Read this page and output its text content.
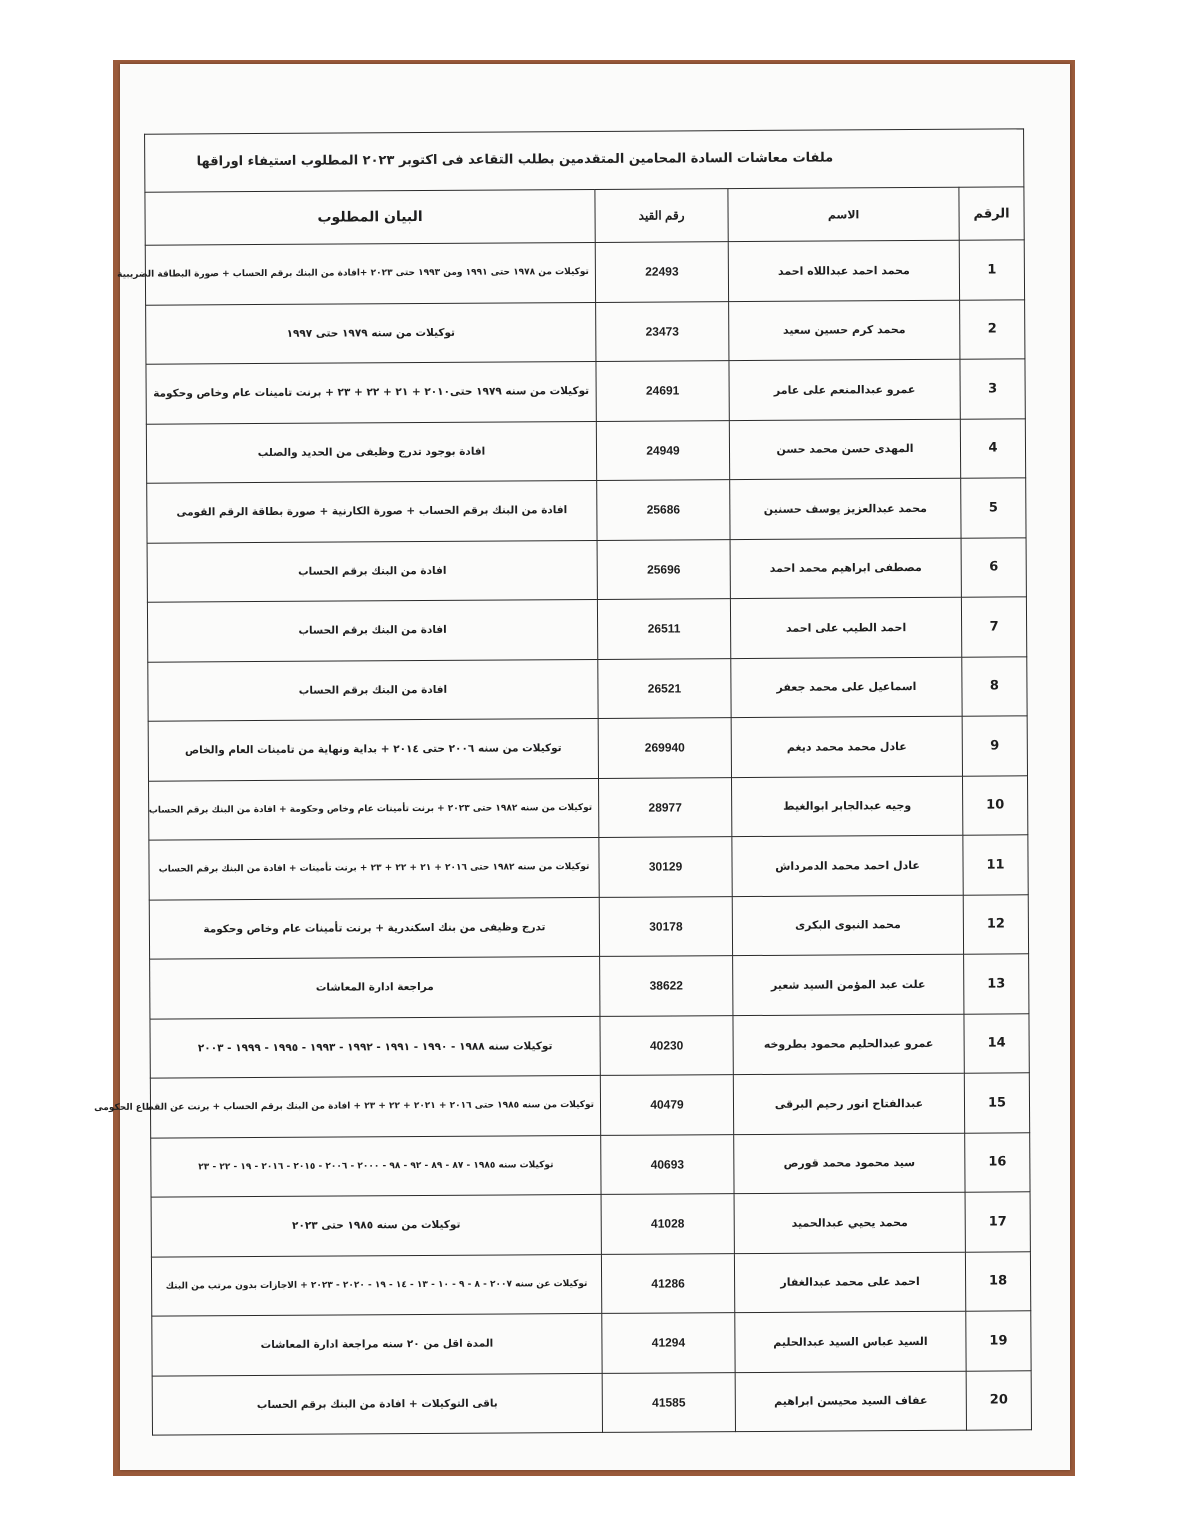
ملفات معاشات السادة المحامين المتقدمين بطلب التقاعد فى اكتوبر ٢٠٢٣ المطلوب استيفاء اوراقها
الرقم	الاسم	رقم القيد	البيان المطلوب
1	محمد احمد عبداللاه احمد	22493	توكيلات من ١٩٧٨ حتى ١٩٩١ ومن ١٩٩٣ حتى ٢٠٢٣ +افادة من البنك برقم الحساب + صورة البطاقة الضريبية
2	محمد كرم حسين سعيد	23473	توكيلات من سنه ١٩٧٩ حتى ١٩٩٧
3	عمرو عبدالمنعم على عامر	24691	توكيلات من سنه ١٩٧٩ حتى٢٠١٠ + ٢١ + ٢٢ + ٢٣ + برنت تامينات عام وخاص وحكومة
4	المهدى حسن محمد حسن	24949	افادة بوجود تدرج وظيفى من الحديد والصلب
5	محمد عبدالعزيز يوسف حسنين	25686	افادة من البنك برقم الحساب + صورة الكارنية + صورة بطاقة الرقم القومى
6	مصطفى ابراهيم محمد احمد	25696	افادة من البنك برقم الحساب
7	احمد الطيب على احمد	26511	افادة من البنك برقم الحساب
8	اسماعيل على محمد جعفر	26521	افادة من البنك برقم الحساب
9	عادل محمد محمد ديغم	269940	توكيلات من سنه ٢٠٠٦ حتى ٢٠١٤ + بداية ونهاية من تامينات العام والخاص
10	وجيه عبدالجابر ابوالغيط	28977	توكيلات من سنه ١٩٨٢ حتى ٢٠٢٣ + برنت تأمينات عام وخاص وحكومة + افادة من البنك برقم الحساب
11	عادل احمد محمد الدمرداش	30129	توكيلات من سنه ١٩٨٢ حتى ٢٠١٦ + ٢١ + ٢٢ + ٢٣ + برنت تأمينات + افادة من البنك برقم الحساب
12	محمد النبوى البكرى	30178	تدرج وظيفى من بنك اسكندرية + برنت تأمينات عام وخاص وحكومة
13	علت عبد المؤمن السيد شعير	38622	مراجعة ادارة المعاشات
14	عمرو عبدالحليم محمود بطروخه	40230	توكيلات سنه ١٩٨٨ - ١٩٩٠ - ١٩٩١ - ١٩٩٢ - ١٩٩٣ - ١٩٩٥ - ١٩٩٩ - ٢٠٠٣
15	عبدالفتاح انور رحيم البرقى	40479	توكيلات من سنه ١٩٨٥ حتى ٢٠١٦ + ٢٠٢١ + ٢٢ + ٢٣ + افادة من البنك برقم الحساب + برنت عن القطاع الحكومى
16	سيد محمود محمد قورص	40693	توكيلات سنه ١٩٨٥ - ٨٧ - ٨٩ - ٩٢ - ٩٨ - ٢٠٠٠ - ٢٠٠٦ - ٢٠١٥ - ٢٠١٦ - ١٩ - ٢٢ - ٢٣
17	محمد يحيي عبدالحميد	41028	توكيلات من سنه ١٩٨٥ حتى ٢٠٢٣
18	احمد على محمد عبدالغفار	41286	توكيلات عن سنه ٢٠٠٧ - ٨ - ٩ - ١٠ - ١٣ - ١٤ - ١٩ - ٢٠٢٠ - ٢٠٢٣ + الاجازات بدون مرتب من البنك
19	السيد عباس السيد عبدالحليم	41294	المدة اقل من ٢٠ سنه مراجعة ادارة المعاشات
20	عفاف السيد محيسن ابراهيم	41585	باقى التوكيلات + افادة من البنك برقم الحساب
